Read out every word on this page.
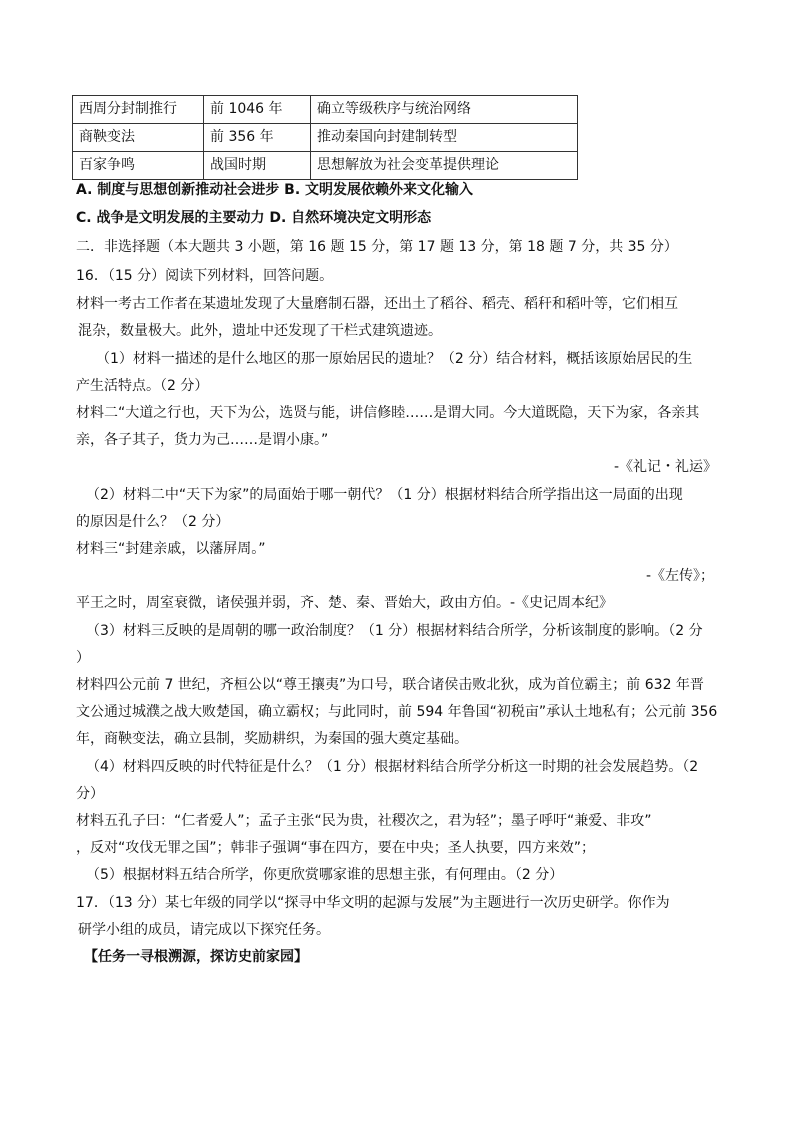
西周分封制推行	前 1046 年	确立等级秩序与统治网络
商鞅变法	前 356 年	推动秦国向封建制转型
百家争鸣	战国时期	思想解放为社会变革提供理论
A. 制度与思想创新推动社会进步 B. 文明发展依赖外来文化输入
C. 战争是文明发展的主要动力 D. 自然环境决定文明形态
二．非选择题（本大题共 3 小题，第 16 题 15 分，第 17 题 13 分，第 18 题 7 分，共 35 分）
16．（15 分）阅读下列材料，回答问题。
材料一考古工作者在某遗址发现了大量磨制石器，还出土了稻谷、稻壳、稻秆和稻叶等，它们相互
混杂，数量极大。此外，遗址中还发现了干栏式建筑遗迹。
（1）材料一描述的是什么地区的那一原始居民的遗址？（2 分）结合材料，概括该原始居民的生
产生活特点。（2 分）
材料二“大道之行也，天下为公，选贤与能，讲信修睦……是谓大同。今大道既隐，天下为家，各亲其
亲，各子其子，货力为己……是谓小康。”
-《礼记・礼运》
（2）材料二中“天下为家”的局面始于哪一朝代？（1 分）根据材料结合所学指出这一局面的出现
的原因是什么？（2 分）
材料三“封建亲戚，以藩屏周。”
-《左传》；
平王之时，周室衰微，诸侯强并弱，齐、楚、秦、晋始大，政由方伯。-《史记周本纪》
（3）材料三反映的是周朝的哪一政治制度？（1 分）根据材料结合所学，分析该制度的影响。（2 分
）
材料四公元前 7 世纪，齐桓公以“尊王攘夷”为口号，联合诸侯击败北狄，成为首位霸主；前 632 年晋
文公通过城濮之战大败楚国，确立霸权；与此同时，前 594 年鲁国“初税亩”承认土地私有；公元前 356
年，商鞅变法，确立县制，奖励耕织，为秦国的强大奠定基础。
（4）材料四反映的时代特征是什么？（1 分）根据材料结合所学分析这一时期的社会发展趋势。（2
分）
材料五孔子曰：“仁者爱人”；孟子主张“民为贵，社稷次之，君为轻”；墨子呼吁“兼爱、非攻”
，反对“攻伐无罪之国”；韩非子强调“事在四方，要在中央；圣人执要，四方来效”；
（5）根据材料五结合所学，你更欣赏哪家谁的思想主张，有何理由。（2 分）
17．（13 分）某七年级的同学以“探寻中华文明的起源与发展”为主题进行一次历史研学。你作为
研学小组的成员，请完成以下探究任务。
【任务一寻根溯源，探访史前家园】
